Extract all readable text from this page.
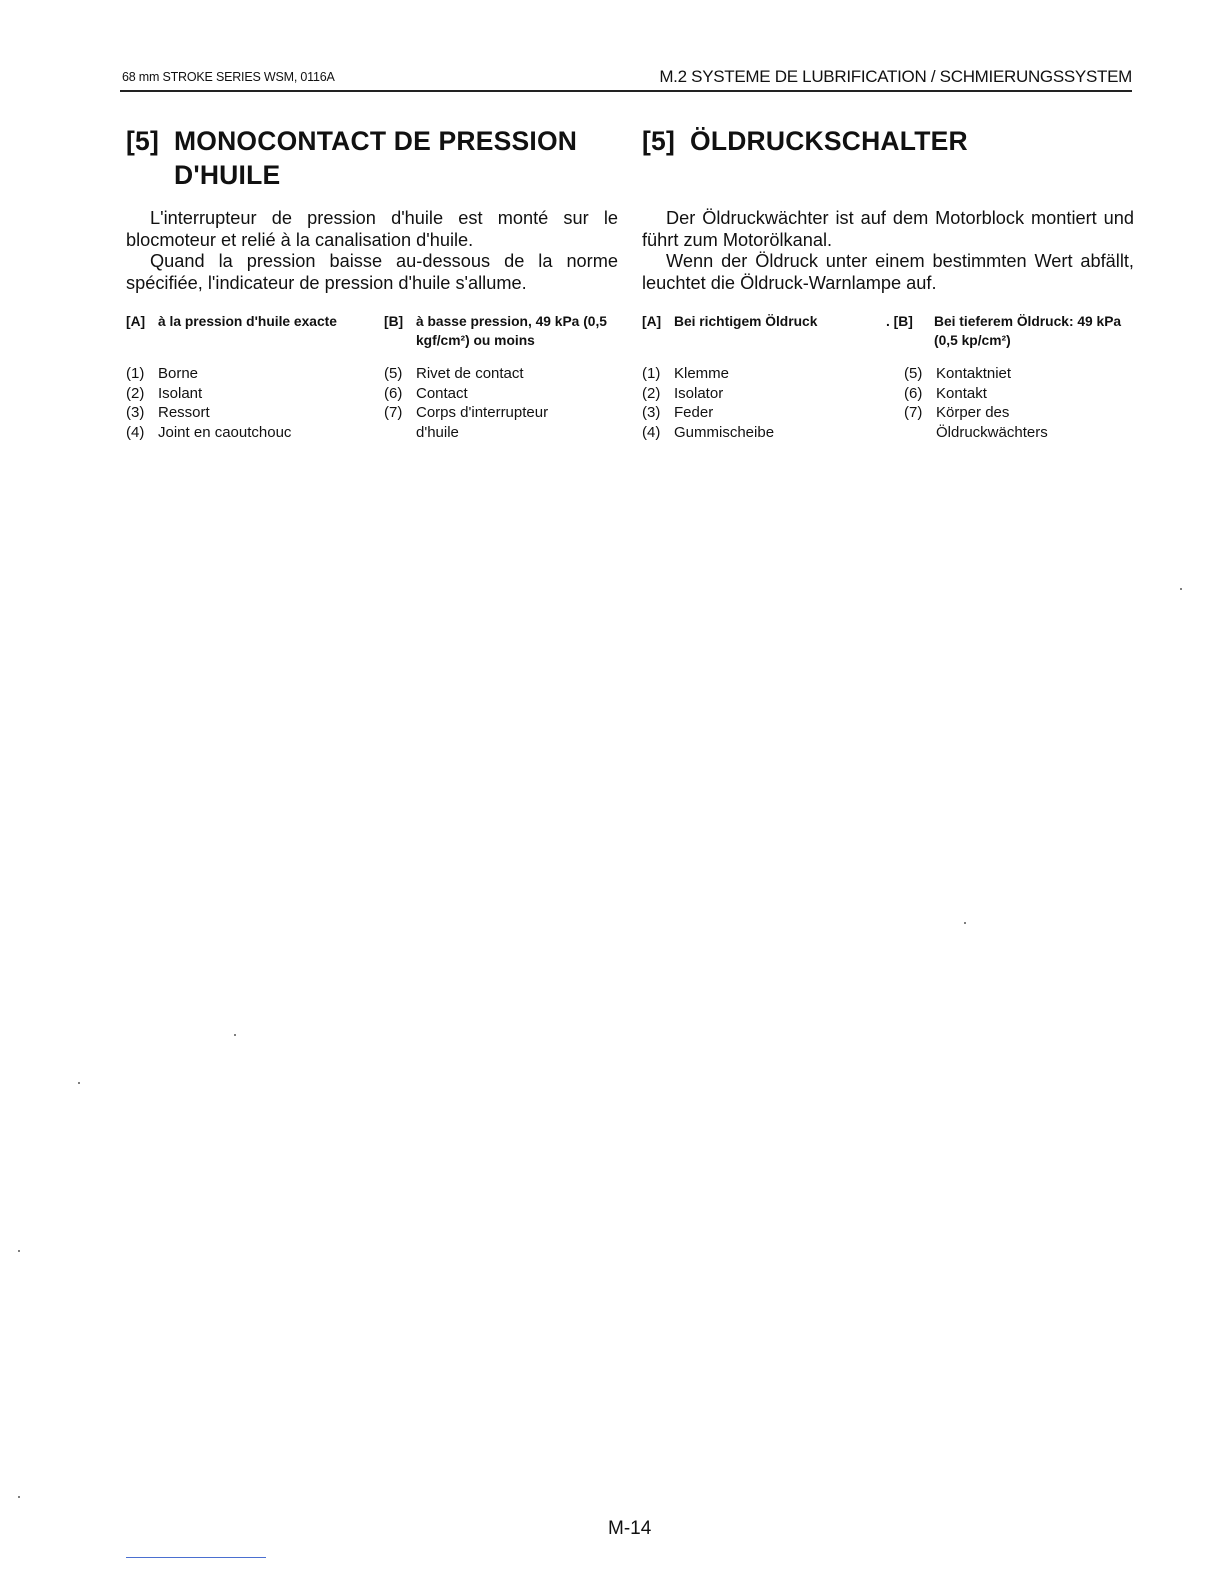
68 mm STROKE SERIES WSM, 0116A	M.2 SYSTEME DE LUBRIFICATION / SCHMIERUNGSSYSTEM
[5] MONOCONTACT DE PRESSION D'HUILE

L'interrupteur de pression d'huile est monté sur le blocmoteur et relié à la canalisation d'huile.

Quand la pression baisse au-dessous de la norme spécifiée, l'indicateur de pression d'huile s'allume.

[A] à la pression d'huile exacte	[B] à basse pression, 49 kPa (0,5 kgf/cm²) ou moins
(1) Borne
(2) Isolant
(3) Ressort
(4) Joint en caoutchouc
(5) Rivet de contact
(6) Contact
(7) Corps d'interrupteur d'huile
[5] ÖLDRUCKSCHALTER

Der Öldruckwächter ist auf dem Motorblock montiert und führt zum Motorölkanal.

Wenn der Öldruck unter einem bestimmten Wert abfällt, leuchtet die Öldruck-Warnlampe auf.

[A] Bei richtigem Öldruck	. [B]	Bei tieferem Öldruck: 49 kPa (0,5 kp/cm²)
(1) Klemme
(2) Isolator
(3) Feder
(4) Gummischeibe
(5) Kontaktniet
(6) Kontakt
(7) Körper des Öldruckwächters
M-14
